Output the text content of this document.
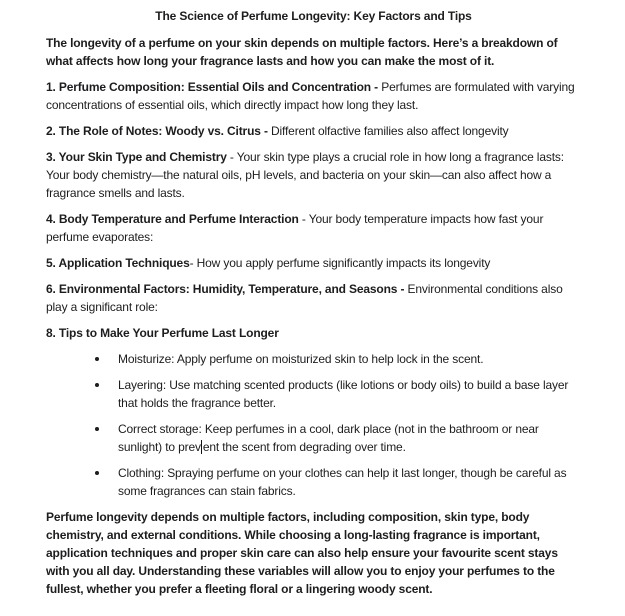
The Science of Perfume Longevity: Key Factors and Tips

The longevity of a perfume on your skin depends on multiple factors. Here’s a breakdown of what affects how long your fragrance lasts and how you can make the most of it.

1. Perfume Composition: Essential Oils and Concentration - Perfumes are formulated with varying concentrations of essential oils, which directly impact how long they last.

2. The Role of Notes: Woody vs. Citrus - Different olfactive families also affect longevity

3. Your Skin Type and Chemistry - Your skin type plays a crucial role in how long a fragrance lasts: Your body chemistry—the natural oils, pH levels, and bacteria on your skin—can also affect how a fragrance smells and lasts.

4. Body Temperature and Perfume Interaction - Your body temperature impacts how fast your perfume evaporates:

5. Application Techniques- How you apply perfume significantly impacts its longevity

6. Environmental Factors: Humidity, Temperature, and Seasons - Environmental conditions also play a significant role:

8. Tips to Make Your Perfume Last Longer

Moisturize: Apply perfume on moisturized skin to help lock in the scent.
Layering: Use matching scented products (like lotions or body oils) to build a base layer that holds the fragrance better.
Correct storage: Keep perfumes in a cool, dark place (not in the bathroom or near sunlight) to prev ent the scent from degrading over time.
Clothing: Spraying perfume on your clothes can help it last longer, though be careful as some fragrances can stain fabrics.

Perfume longevity depends on multiple factors, including composition, skin type, body chemistry, and external conditions. While choosing a long-lasting fragrance is important, application techniques and proper skin care can also help ensure your favourite scent stays with you all day. Understanding these variables will allow you to enjoy your perfumes to the fullest, whether you prefer a fleeting floral or a lingering woody scent.
